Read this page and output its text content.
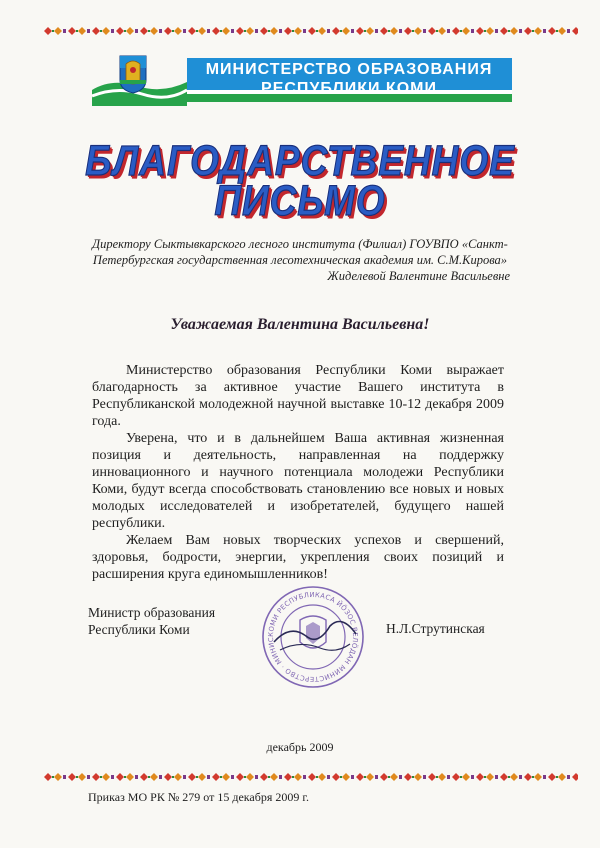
МИНИСТЕРСТВО ОБРАЗОВАНИЯ
РЕСПУБЛИКИ КОМИ
БЛАГОДАРСТВЕННОЕ
ПИСЬМО
Директору Сыктывкарского лесного института (Филиал) ГОУВПО «Санкт-
Петербургская государственная лесотехническая академия им. С.М.Кирова»
Жиделевой Валентине Васильевне
Уважаемая Валентина Васильевна!
Министерство образования Республики Коми выражает благодарность за активное участие Вашего института в Республиканской молодежной научной выставке 10-12 декабря 2009 года.
Уверена, что и в дальнейшем Ваша активная жизненная позиция и деятельность, направленная на поддержку инновационного и научного потенциала молодежи Республики Коми, будут всегда способствовать становлению все новых и новых молодых исследователей и изобретателей, будущего нашей республики.
Желаем Вам новых творческих успехов и свершений, здоровья, бодрости, энергии, укрепления своих позиций и расширения круга единомышленников!
Министр образования
Республики Коми	КОМИ РЕСПУБЛИКАСА ЙӦЗОС ВЕЛӦДАН МИНИСТЕРСТВО · МИНИС
Н.Л.Струтинская
декабрь 2009
Приказ МО РК № 279 от 15 декабря 2009 г.
